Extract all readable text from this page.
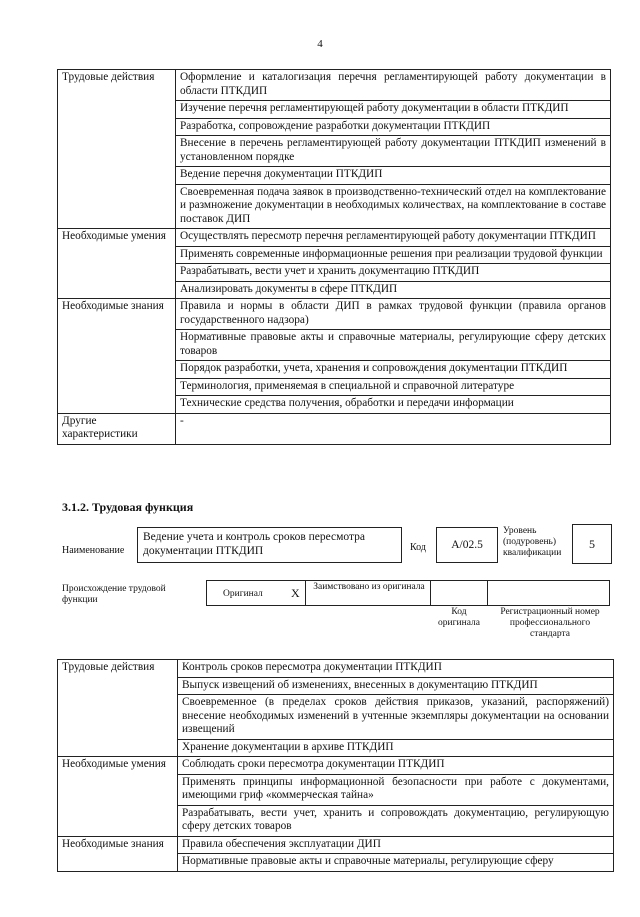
4
Трудовые действия	Оформление и каталогизация перечня регламентирующей работу документации в области ПТКДИП
	Изучение перечня регламентирующей работу документации в области ПТКДИП
	Разработка, сопровождение разработки документации ПТКДИП
	Внесение в перечень регламентирующей работу документации ПТКДИП изменений в установленном порядке
	Ведение перечня документации ПТКДИП
	Своевременная подача заявок в производственно-технический отдел на комплектование и размножение документации в необходимых количествах, на комплектование в составе поставок ДИП
Необходимые умения	Осуществлять пересмотр перечня регламентирующей работу документации ПТКДИП
	Применять современные информационные решения при реализации трудовой функции
	Разрабатывать, вести учет и хранить документацию ПТКДИП
	Анализировать документы в сфере ПТКДИП
Необходимые знания	Правила и нормы в области ДИП в рамках трудовой функции (правила органов государственного надзора)
	Нормативные правовые акты и справочные материалы, регулирующие сферу детских товаров
	Порядок разработки, учета, хранения и сопровождения документации ПТКДИП
	Терминология, применяемая в специальной и справочной литературе
	Технические средства получения, обработки и передачи информации
Другие характеристики	-
3.1.2. Трудовая функция
Наименование
Ведение учета и контроль сроков пересмотра документации ПТКДИП	Код	A/02.5
Уровень (подуровень) квалификации
5
Происхождение трудовой функции
Оригинал X	Заимствовано из оригинала
Код оригинала
Регистрационный номер профессионального стандарта
Трудовые действия	Контроль сроков пересмотра документации ПТКДИП
	Выпуск извещений об изменениях, внесенных в документацию ПТКДИП
	Своевременное (в пределах сроков действия приказов, указаний, распоряжений) внесение необходимых изменений в учтенные экземпляры документации на основании извещений
	Хранение документации в архиве ПТКДИП
Необходимые умения	Соблюдать сроки пересмотра документации ПТКДИП
	Применять принципы информационной безопасности при работе с документами, имеющими гриф «коммерческая тайна»
	Разрабатывать, вести учет, хранить и сопровождать документацию, регулирующую сферу детских товаров
Необходимые знания	Правила обеспечения эксплуатации ДИП
	Нормативные правовые акты и справочные материалы, регулирующие сферу
